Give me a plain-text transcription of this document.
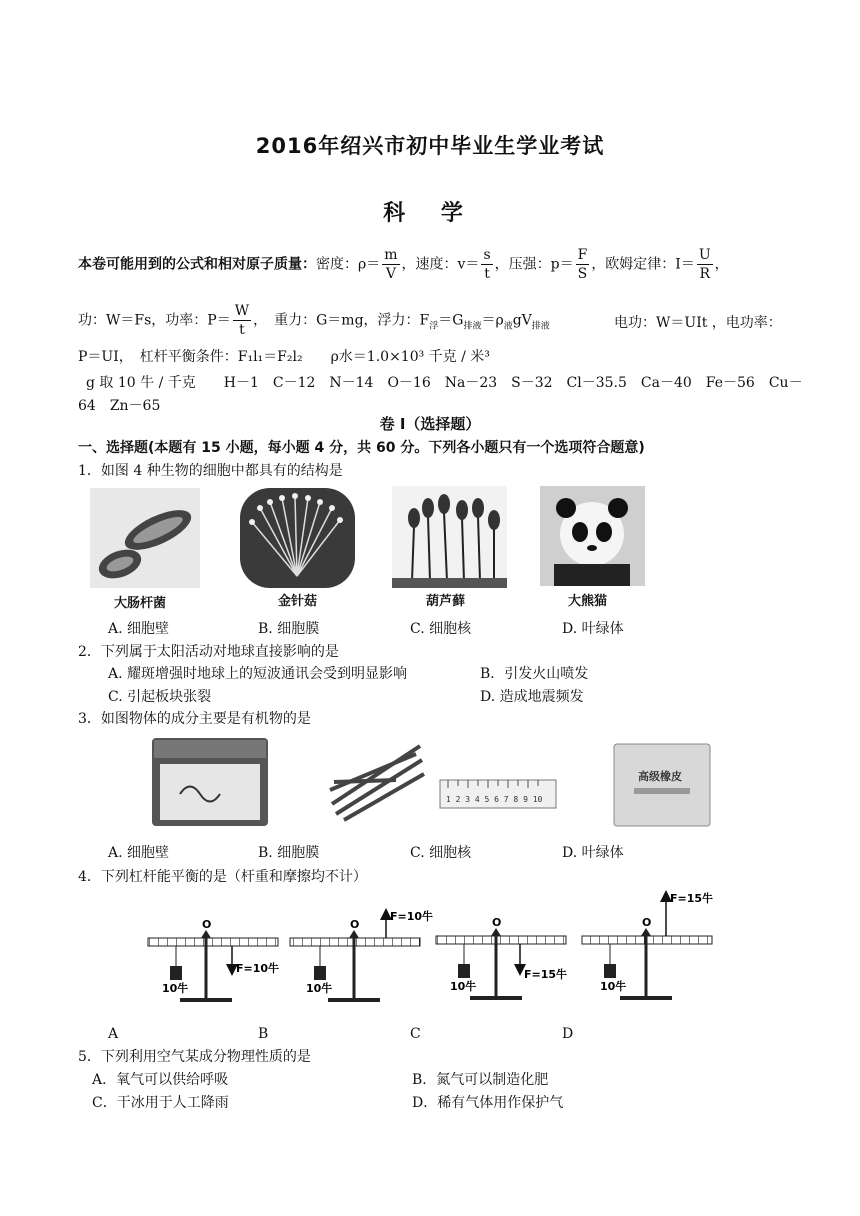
2016年绍兴市初中毕业生学业考试
科 学
本卷可能用到的公式和相对原子质量：密度：$\rho= \frac{m}{V}$ ，速度：$v= \frac{s}{t}$ ，压强：$p= \frac{F}{S}$ ，欧姆定律：$I= \frac{U}{R}$ ，
功：W＝Fs，功率：$P= \frac{W}{t}$ ，　重力：G＝mg，浮力：$F_浮=G_{排液}=\rho_液gV_{排液}$	电功：W＝UIt ，电功率：
P＝UI，　杠杆平衡条件：F₁l₁＝F₂l₂　　ρ水＝1.0×10³ 千克 / 米³
g 取 10 牛 / 千克　　H－1　C－12　N－14　O－16　Na－23　S－32　Cl－35.5　Ca－40　Fe－56　Cu－
64　Zn－65
卷 I（选择题）
一、选择题(本题有 15 小题，每小题 4 分，共 60 分。下列各小题只有一个选项符合题意)
1．如图 4 种生物的细胞中都具有的结构是
大肠杆菌	金针菇	葫芦藓	大熊猫
A. 细胞壁	B. 细胞膜	C. 细胞核	D. 叶绿体
2．下列属于太阳活动对地球直接影响的是
A. 耀斑增强时地球上的短波通讯会受到明显影响	B．引发火山喷发
C. 引起板块张裂	D. 造成地震频发
3．如图物体的成分主要是有机物的是
1 2 3 4 5 6 7 8 9 10
高级橡皮
A. 细胞壁	B. 细胞膜	C. 细胞核	D. 叶绿体
4．下列杠杆能平衡的是（杆重和摩擦均不计）
O
10牛
F=10牛
O
10牛
F=10牛	O
10牛
F=15牛
O
10牛
F=15牛
A	B	C	D
5．下列利用空气某成分物理性质的是
A．氧气可以供给呼吸	B．氮气可以制造化肥
C．干冰用于人工降雨	D．稀有气体用作保护气
